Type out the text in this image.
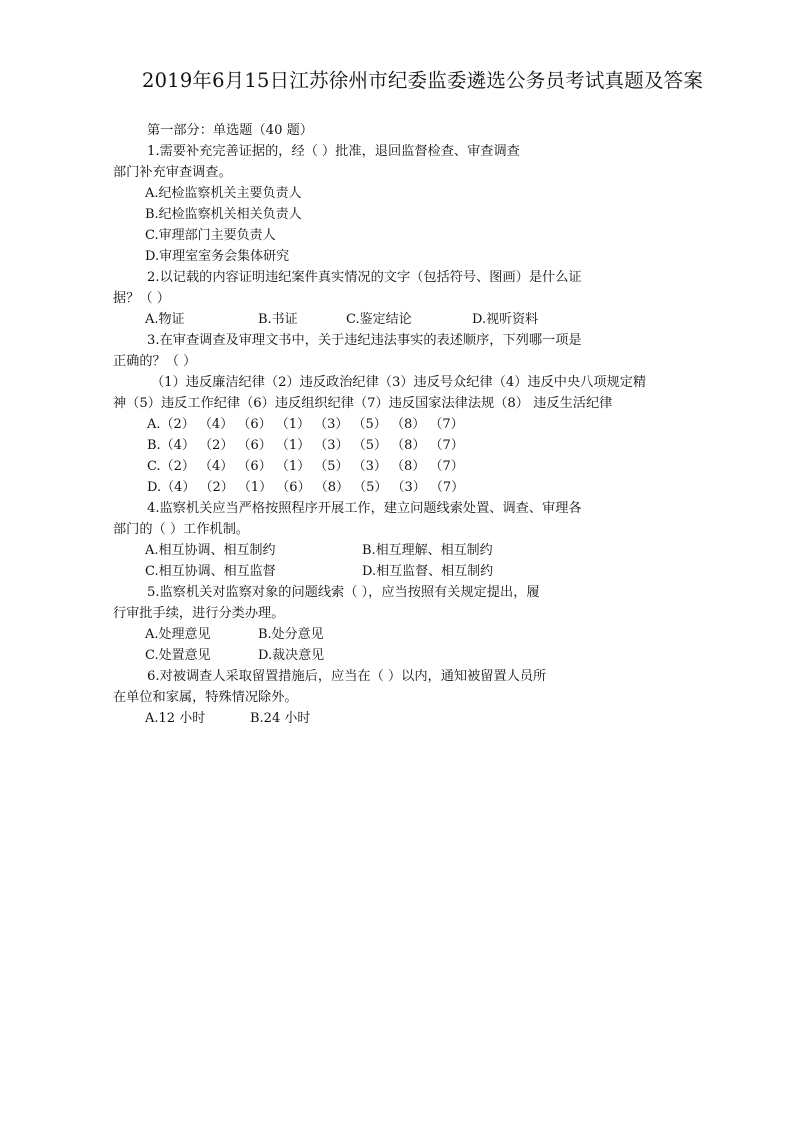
2019年6月15日江苏徐州市纪委监委遴选公务员考试真题及答案
第一部分：单选题（40 题）
1.需要补充完善证据的，经（ ）批准，退回监督检查、审查调查
部门补充审查调查。
A.纪检监察机关主要负责人
B.纪检监察机关相关负责人
C.审理部门主要负责人
D.审理室室务会集体研究
2.以记载的内容证明违纪案件真实情况的文字（包括符号、图画）是什么证
据？（ ）
A.物证	B.书证	C.鉴定结论	D.视听资料
3.在审查调查及审理文书中，关于违纪违法事实的表述顺序，下列哪一项是
正确的？（ ）
（1）违反廉洁纪律（2）违反政治纪律（3）违反号众纪律（4）违反中央八项规定精
神（5）违反工作纪律（6）违反组织纪律（7）违反国家法律法规（8） 违反生活纪律
A.（2） （4） （6） （1） （3） （5） （8） （7）
B.（4） （2） （6） （1） （3） （5） （8） （7）
C.（2） （4） （6） （1） （5） （3） （8） （7）
D.（4） （2） （1） （6） （8） （5） （3） （7）
4.监察机关应当严格按照程序开展工作，建立问题线索处置、调查、审理各
部门的（ ）工作机制。
A.相互协调、相互制约	B.相互理解、相互制约
C.相互协调、相互监督	D.相互监督、相互制约
5.监察机关对监察对象的问题线索（ ），应当按照有关规定提出，履
行审批手续，进行分类办理。
A.处理意见	B.处分意见
C.处置意见	D.裁决意见
6.对被调查人采取留置措施后，应当在（ ）以内，通知被留置人员所
在单位和家属，特殊情况除外。
A.12 小时	B.24 小时
